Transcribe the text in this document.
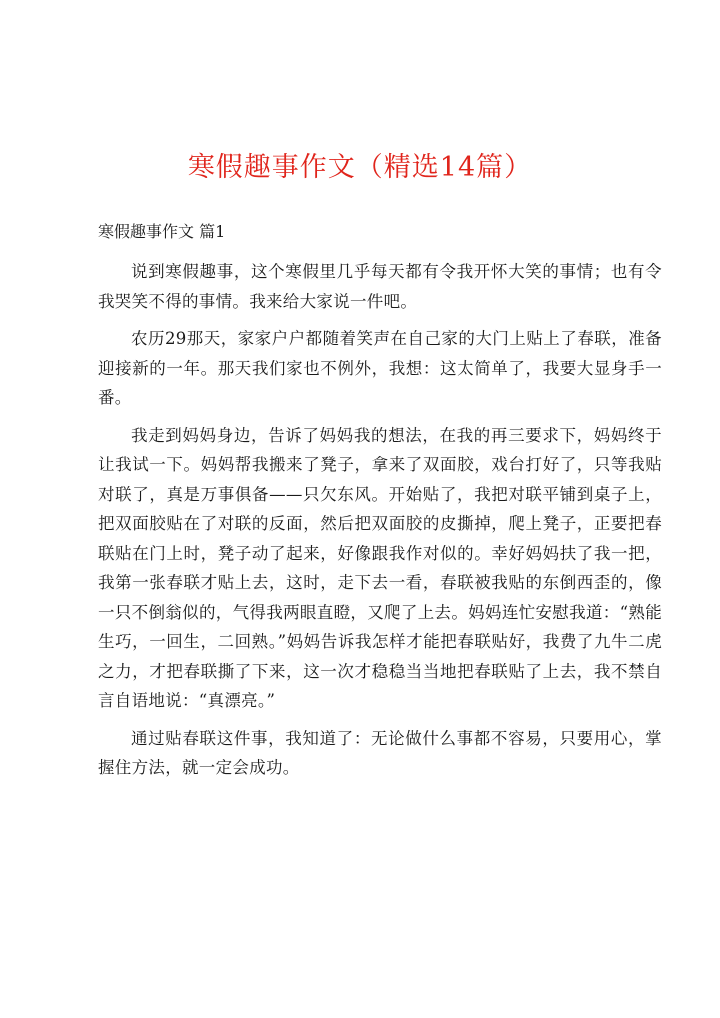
寒假趣事作文（精选14篇）
寒假趣事作文 篇1

说到寒假趣事，这个寒假里几乎每天都有令我开怀大笑的事情；也有令我哭笑不得的事情。我来给大家说一件吧。

农历29那天，家家户户都随着笑声在自己家的大门上贴上了春联，准备迎接新的一年。那天我们家也不例外，我想：这太简单了，我要大显身手一番。

我走到妈妈身边，告诉了妈妈我的想法，在我的再三要求下，妈妈终于让我试一下。妈妈帮我搬来了凳子，拿来了双面胶，戏台打好了，只等我贴对联了，真是万事俱备——只欠东风。开始贴了，我把对联平铺到桌子上，把双面胶贴在了对联的反面，然后把双面胶的皮撕掉，爬上凳子，正要把春联贴在门上时，凳子动了起来，好像跟我作对似的。幸好妈妈扶了我一把，我第一张春联才贴上去，这时，走下去一看，春联被我贴的东倒西歪的，像一只不倒翁似的，气得我两眼直瞪，又爬了上去。妈妈连忙安慰我道：“熟能生巧，一回生，二回熟。”妈妈告诉我怎样才能把春联贴好，我费了九牛二虎之力，才把春联撕了下来，这一次才稳稳当当地把春联贴了上去，我不禁自言自语地说：“真漂亮。”

通过贴春联这件事，我知道了：无论做什么事都不容易，只要用心，掌握住方法，就一定会成功。
